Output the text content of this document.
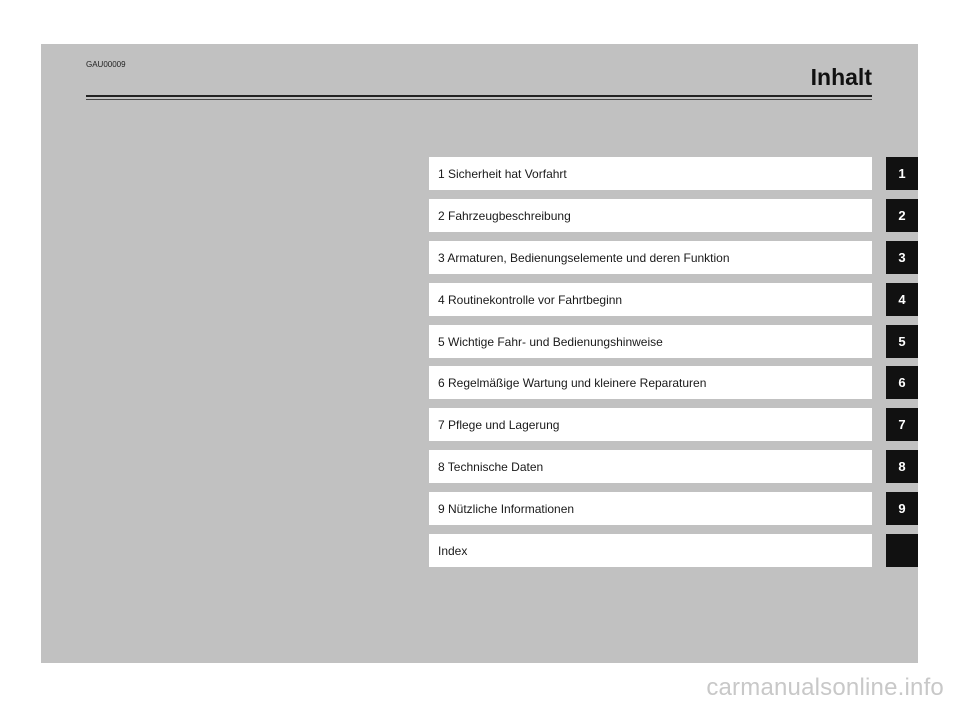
GAU00009	Inhalt
1 Sicherheit hat Vorfahrt	1
2 Fahrzeugbeschreibung	2
3 Armaturen, Bedienungselemente und deren Funktion	3
4 Routinekontrolle vor Fahrtbeginn	4
5 Wichtige Fahr- und Bedienungshinweise	5
6 Regelmäßige Wartung und kleinere Reparaturen	6
7 Pflege und Lagerung	7
8 Technische Daten	8
9 Nützliche Informationen	9
Index
carmanualsonline.info
